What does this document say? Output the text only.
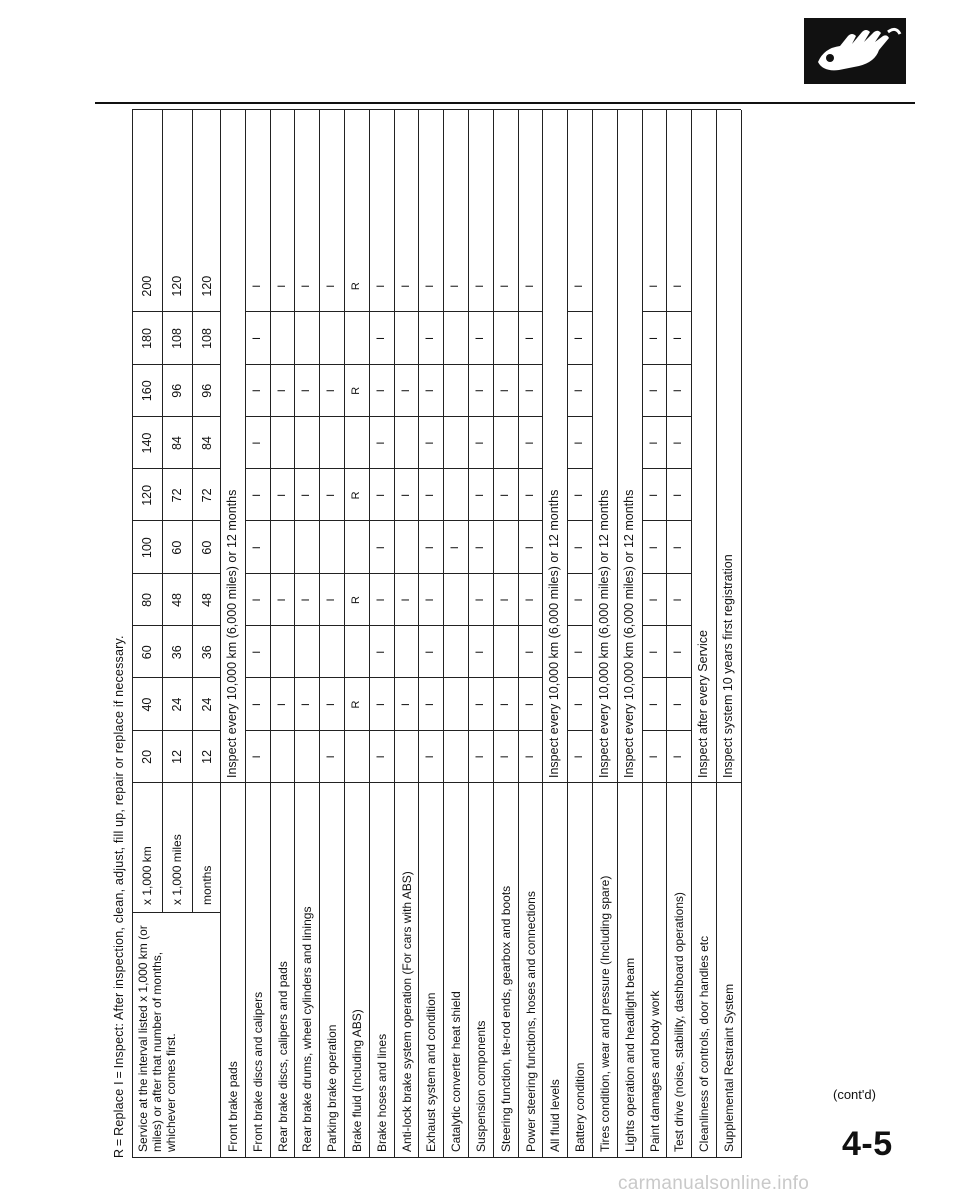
R = Replace I = Inspect: After inspection, clean, adjust, fill up, repair or replace if necessary. Service at the interval listed x 1,000 km (or miles) or after that number of months, whichever comes first.
x 1,000 km x 1,000 miles months
20
40
60
80
100
120
140
160
180
200
12
24
36
48
60
72
84
96
108
120
12
24
36
48
60
72
84
96
108
120
Front brake pads
Inspect every 10,000 km (6,000 miles) or 12 months
Front brake discs and calipers
I
I
I
I
I
I
I
I
I
I
Rear brake discs, calipers and pads
I
I
I
I
I
Rear brake drums, wheel cylinders and linings
I
I
I
I
I
Parking brake operation
I
I
I
I
I
I
Brake fluid (Including ABS)
R
R
R
R
R
Brake hoses and lines
I
I
I
I
I
I
I
I
I
I
Anti-lock brake system operation (For cars with ABS)
I
I
I
I
I
Exhaust system and condition
I
I
I
I
I
I
I
I
I
I
Catalytic converter heat shield
I
I
Suspension components
I
I
I
I
I
I
I
I
I
I
Steering function, tie-rod ends, gearbox and boots
I
I
I
I
I
I
Power steering functions, hoses and connections
I
I
I
I
I
I
I
I
I
I
All fluid levels
Inspect every 10,000 km (6,000 miles) or 12 months
Battery condition
I
I
I
I
I
I
I
I
I
I
Tires condition, wear and pressure (Including spare)
Inspect every 10,000 km (6,000 miles) or 12 months
Lights operation and headlight beam
Inspect every 10,000 km (6,000 miles) or 12 months
Paint damages and body work
I
I
I
I
I
I
I
I
I
I
Test drive (noise, stability, dashboard operations)
I
I
I
I
I
I
I
I
I
I
Cleanliness of controls, door handles etc
Inspect after every Service
Supplemental Restraint System
Inspect system 10 years first registration
(cont'd)
4-5
carmanualsonline.info
